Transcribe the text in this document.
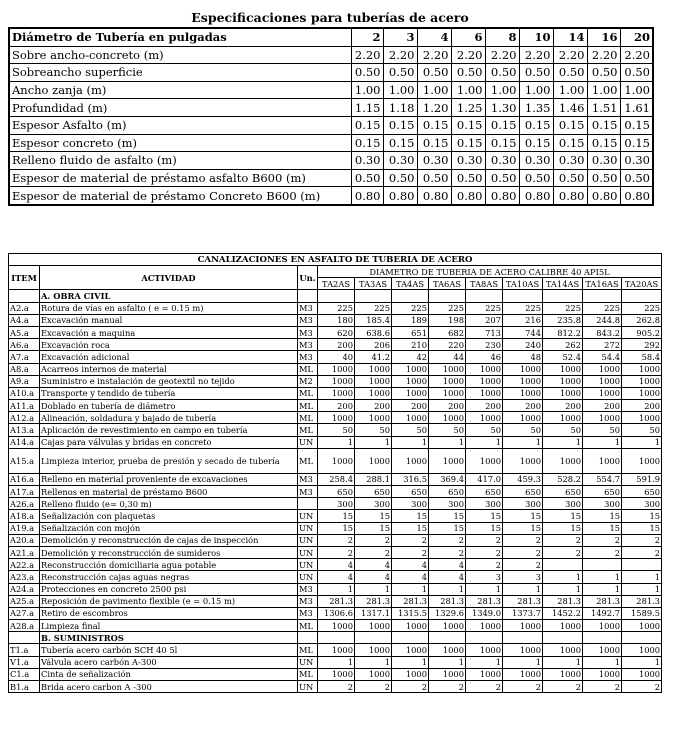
Especificaciones para tuberías de acero
Diámetro de Tubería en pulgadas	2	3	4	6	8	10	14	16	20
Sobre ancho-concreto (m)	2.20	2.20	2.20	2.20	2.20	2.20	2.20	2.20	2.20
Sobreancho superficie	0.50	0.50	0.50	0.50	0.50	0.50	0.50	0.50	0.50
Ancho zanja (m)	1.00	1.00	1.00	1.00	1.00	1.00	1.00	1.00	1.00
Profundidad (m)	1.15	1.18	1.20	1.25	1.30	1.35	1.46	1.51	1.61
Espesor Asfalto (m)	0.15	0.15	0.15	0.15	0.15	0.15	0.15	0.15	0.15
Espesor concreto (m)	0.15	0.15	0.15	0.15	0.15	0.15	0.15	0.15	0.15
Relleno fluido de asfalto (m)	0.30	0.30	0.30	0.30	0.30	0.30	0.30	0.30	0.30
Espesor de material de préstamo asfalto B600 (m)	0.50	0.50	0.50	0.50	0.50	0.50	0.50	0.50	0.50
Espesor de material de préstamo Concreto B600 (m)	0.80	0.80	0.80	0.80	0.80	0.80	0.80	0.80	0.80
CANALIZACIONES EN ASFALTO DE TUBERIA DE ACERO											
ITEM	ACTIVIDAD	Un.	DIAMETRO DE TUBERIA DE ACERO CALIBRE 40 API5L								
			TA2AS	TA3AS	TA4AS	TA6AS	TA8AS	TA10AS	TA14AS	TA16AS	TA20AS
	A. OBRA CIVIL										
A2.a	Rotura de vías en asfalto ( e = 0.15 m)	M3	225	225	225	225	225	225	225	225	225
A4.a	Excavación manual	M3	180	185.4	189	198	207	216	235.8	244.8	262.8
A5.a	Excavación a maquina	M3	620	638.6	651	682	713	744	812.2	843.2	905.2
A6.a	Excavación roca	M3	200	206	210	220	230	240	262	272	292
A7.a	Excavación adicional	M3	40	41.2	42	44	46	48	52.4	54.4	58.4
A8.a	Acarreos internos de material	ML	1000	1000	1000	1000	1000	1000	1000	1000	1000
A9.a	Suministro e instalación de geotextil no tejido	M2	1000	1000	1000	1000	1000	1000	1000	1000	1000
A10.a	Transporte y tendido de tubería	ML	1000	1000	1000	1000	1000	1000	1000	1000	1000
A11.a	Doblado en tubería de diámetro	ML	200	200	200	200	200	200	200	200	200
A12.a	Alineación, soldadura y bajado de tubería	ML	1000	1000	1000	1000	1000	1000	1000	1000	1000
A13.a	Aplicación de revestimiento en campo en tubería	ML	50	50	50	50	50	50	50	50	50
A14.a	Cajas para válvulas y bridas en concreto	UN	1	1	1	1	1	1	1	1	1
A15.a	Limpieza interior, prueba de presión y secado de tubería	ML	1000	1000	1000	1000	1000	1000	1000	1000	1000
A16.a	Relleno en material proveniente de excavaciones	M3	258.4	288.1	316.5	369.4	417.0	459.3	528.2	554.7	591.9
A17.a	Rellenos en material de préstamo B600	M3	650	650	650	650	650	650	650	650	650
A26.a	Relleno fluido (e= 0,30 m)		300	300	300	300	300	300	300	300	300
A18.a	Señalización con plaquetas	UN	15	15	15	15	15	15	15	15	15
A19.a	Señalización con mojón	UN	15	15	15	15	15	15	15	15	15
A20.a	Demolición y reconstrucción de cajas de inspección	UN	2	2	2	2	2	2	2	2	2
A21.a	Demolición y reconstrucción de sumideros	UN	2	2	2	2	2	2	2	2	2
A22.a	Reconstrucción domiciliaria agua potable	UN	4	4	4	4	2	2			
A23.a	Reconstrucción cajas aguas negras	UN	4	4	4	4	3	3	1	1	1
A24.a	Protecciones en concreto 2500 psi	M3	1	1	1	1	1	1	1	1	1
A25.a	Reposición de pavimento flexible (e = 0.15 m)	M3	281.3	281.3	281.3	281.3	281.3	281.3	281.3	281.3	281.3
A27.a	Retiro de escombros	M3	1306.6	1317.1	1315.5	1329.6	1349.0	1373.7	1452.2	1492.7	1589.5
A28.a	Limpieza final	ML	1000	1000	1000	1000	1000	1000	1000	1000	1000
	B. SUMINISTROS										
T1.a	Tubería acero carbón SCH 40 5l	ML	1000	1000	1000	1000	1000	1000	1000	1000	1000
V1.a	Válvula acero carbón A-300	UN	1	1	1	1	1	1	1	1	1
C1.a	Cinta de señalización	ML	1000	1000	1000	1000	1000	1000	1000	1000	1000
B1.a	Brida acero carbon A -300	UN	2	2	2	2	2	2	2	2	2
